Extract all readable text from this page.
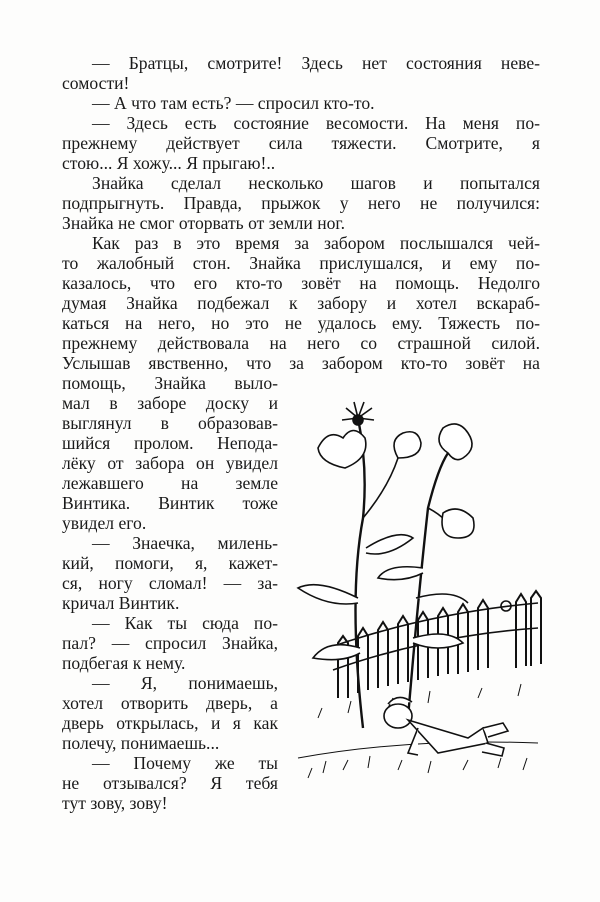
— Братцы, смотрите! Здесь нет состояния неве-
сомости!
— А что там есть? — спросил кто-то.
— Здесь есть состояние весомости. На меня по-
прежнему действует сила тяжести. Смотрите, я
стою... Я хожу... Я прыгаю!..
Знайка сделал несколько шагов и попытался
подпрыгнуть. Правда, прыжок у него не получился:
Знайка не смог оторвать от земли ног.
Как раз в это время за забором послышался чей-
то жалобный стон. Знайка прислушался, и ему по-
казалось, что его кто-то зовёт на помощь. Недолго
думая Знайка подбежал к забору и хотел вскараб-
каться на него, но это не удалось ему. Тяжесть по-
прежнему действовала на него со страшной силой.
Услышав явственно, что за забором кто-то зовёт на
помощь, Знайка выло-
мал в заборе доску и
выглянул в образовав-
шийся пролом. Непода-
лёку от забора он увидел
лежавшего на земле
Винтика. Винтик тоже
увидел его.
— Знаечка, милень-
кий, помоги, я, кажет-
ся, ногу сломал! — за-
кричал Винтик.
— Как ты сюда по-
пал? — спросил Знайка,
подбегая к нему.
— Я, понимаешь,
хотел отворить дверь, а
дверь открылась, и я как
полечу, понимаешь...
— Почему же ты
не отзывался? Я тебя
тут зову, зову!
